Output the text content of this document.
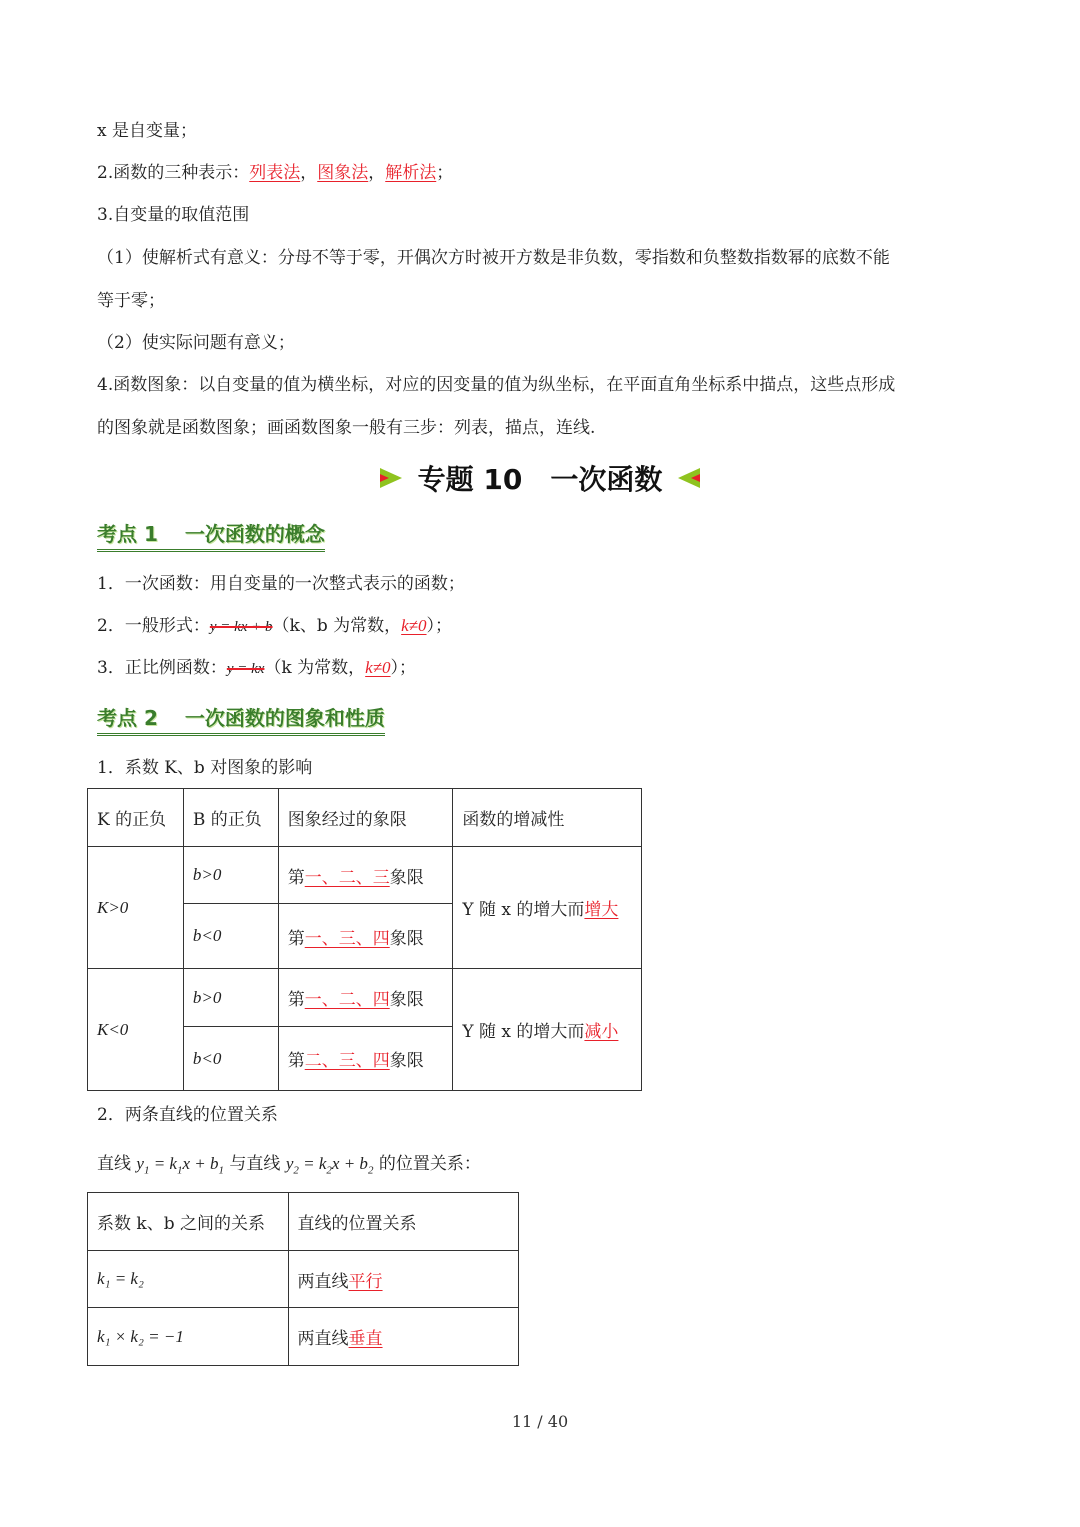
x 是自变量；
2.函数的三种表示：列表法，图象法，解析法；
3.自变量的取值范围
（1）使解析式有意义：分母不等于零，开偶次方时被开方数是非负数，零指数和负整数指数幂的底数不能
等于零；
（2）使实际问题有意义；
4.函数图象：以自变量的值为横坐标，对应的因变量的值为纵坐标，在平面直角坐标系中描点，这些点形成
的图象就是函数图象；画函数图象一般有三步：列表，描点，连线.
专题 10　一次函数
考点 1　 一次函数的概念
1．一次函数：用自变量的一次整式表示的函数；
2．一般形式：y = kx + b（k、b 为常数，k≠0）；
3．正比例函数：y = kx（k 为常数，k≠0）；
考点 2　 一次函数的图象和性质
1．系数 K、b 对图象的影响
K 的正负	B 的正负	图象经过的象限	函数的增减性
K>0	b>0	第一、二、三象限	Y 随 x 的增大而增大
	b<0	第一、三、四象限	
K<0	b>0	第一、二、四象限	Y 随 x 的增大而减小
	b<0	第二、三、四象限	
2．两条直线的位置关系
直线 $y_1 = k_1x + b_1$ 与直线 $y_2 = k_2x + b_2$ 的位置关系：
系数 k、b 之间的关系	直线的位置关系
k₁ = k₂	两直线平行
k₁ × k₂ = −1	两直线垂直
11 / 40
